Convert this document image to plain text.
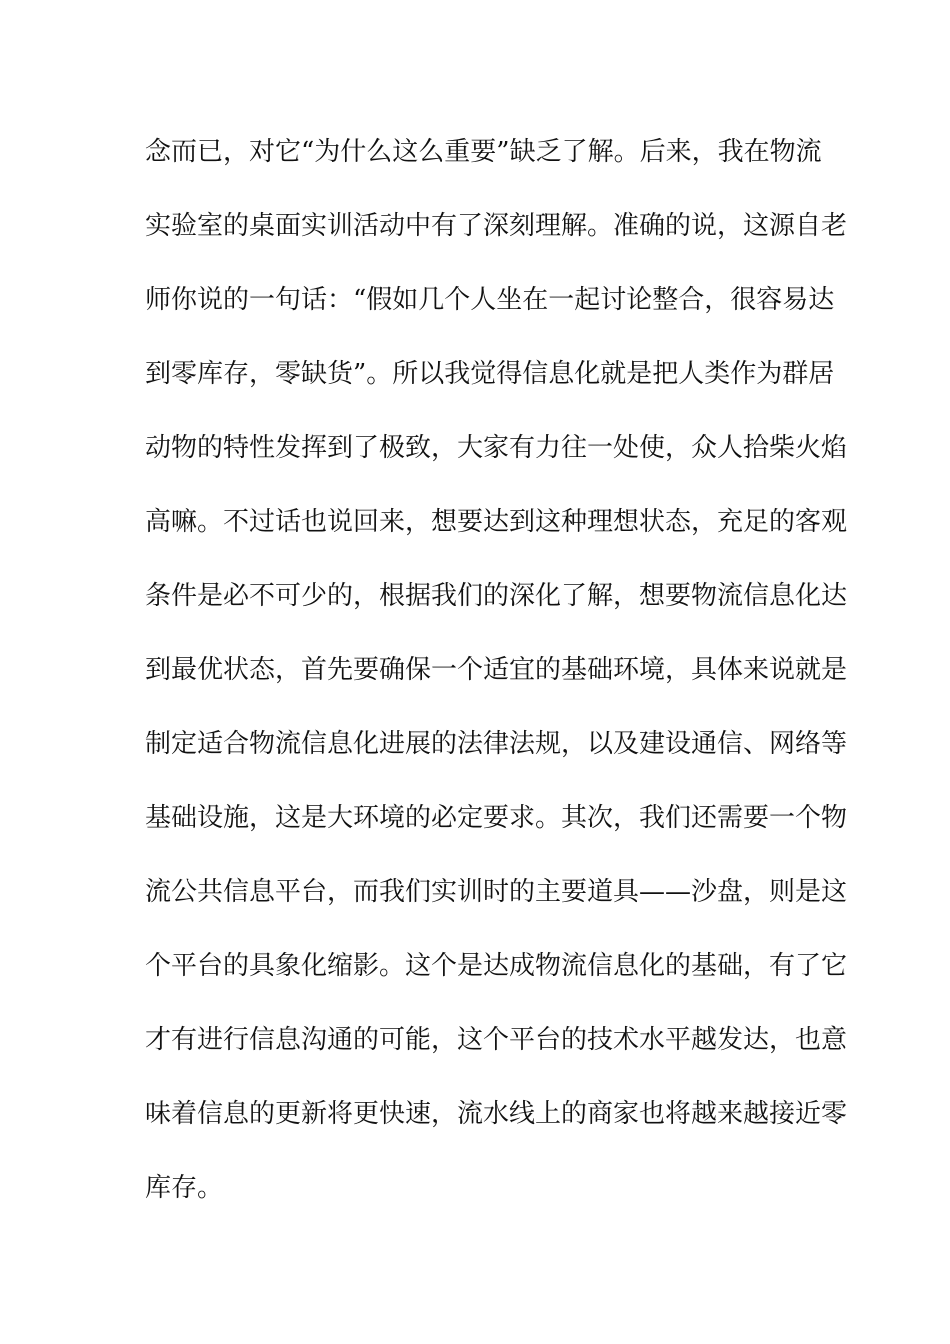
念而已，对它“为什么这么重要”缺乏了解。后来，我在物流
实验室的桌面实训活动中有了深刻理解。准确的说，这源自老
师你说的一句话：“假如几个人坐在一起讨论整合，很容易达
到零库存，零缺货”。所以我觉得信息化就是把人类作为群居
动物的特性发挥到了极致，大家有力往一处使，众人拾柴火焰
高嘛。不过话也说回来，想要达到这种理想状态，充足的客观
条件是必不可少的，根据我们的深化了解，想要物流信息化达
到最优状态，首先要确保一个适宜的基础环境，具体来说就是
制定适合物流信息化进展的法律法规，以及建设通信、网络等
基础设施，这是大环境的必定要求。其次，我们还需要一个物
流公共信息平台，而我们实训时的主要道具——沙盘，则是这
个平台的具象化缩影。这个是达成物流信息化的基础，有了它
才有进行信息沟通的可能，这个平台的技术水平越发达，也意
味着信息的更新将更快速，流水线上的商家也将越来越接近零
库存。
